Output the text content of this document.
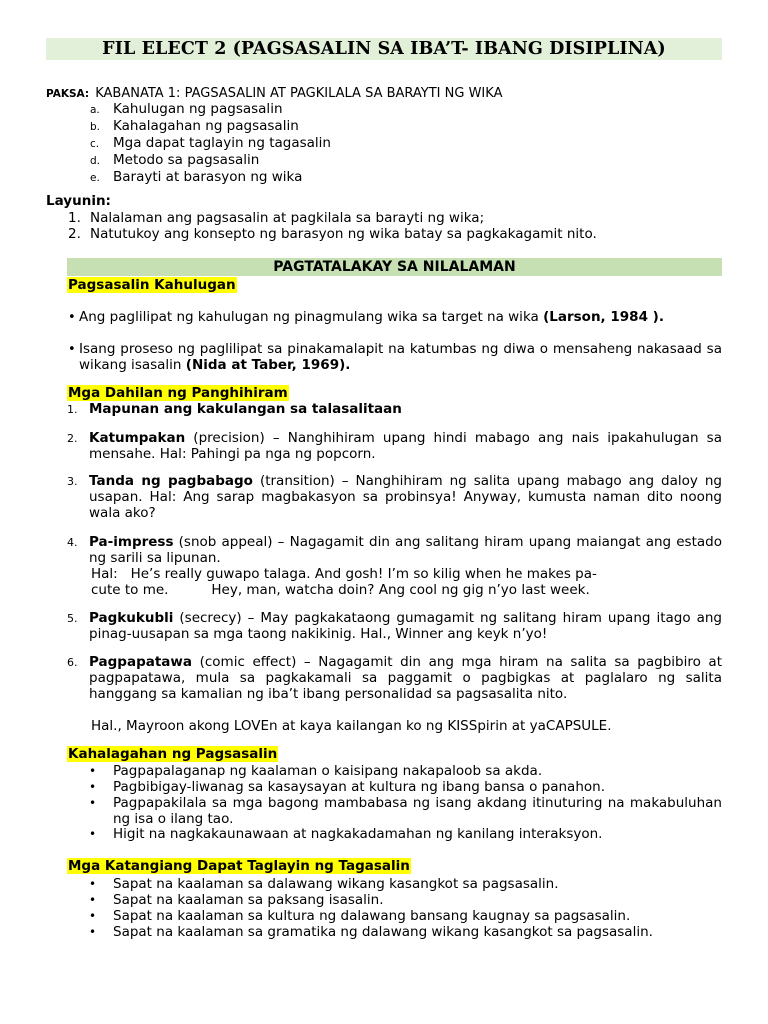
FIL ELECT 2 (PAGSASALIN SA IBA’T- IBANG DISIPLINA)
PAKSA: KABANATA 1: PAGSASALIN AT PAGKILALA SA BARAYTI NG WIKA
a. Kahulugan ng pagsasalin
b. Kahalagahan ng pagsasalin
c. Mga dapat taglayin ng tagasalin
d. Metodo sa pagsasalin
e. Barayti at barasyon ng wika
Layunin:
1. Nalalaman ang pagsasalin at pagkilala sa barayti ng wika;
2. Natutukoy ang konsepto ng barasyon ng wika batay sa pagkakagamit nito.
PAGTATALAKAY SA NILALAMAN
Pagsasalin Kahulugan
• Ang paglilipat ng kahulugan ng pinagmulang wika sa target na wika (Larson, 1984 ).
• Isang proseso ng paglilipat sa pinakamalapit na katumbas ng diwa o mensaheng nakasaad sa wikang isasalin (Nida at Taber, 1969).
Mga Dahilan ng Panghihiram
1. Mapunan ang kakulangan sa talasalitaan
2. Katumpakan (precision) – Nanghihiram upang hindi mabago ang nais ipakahulugan sa mensahe. Hal: Pahingi pa nga ng popcorn.
3. Tanda ng pagbabago (transition) – Nanghihiram ng salita upang mabago ang daloy ng usapan. Hal: Ang sarap magbakasyon sa probinsya! Anyway, kumusta naman dito noong wala ako?
4. Pa-impress (snob appeal) – Nagagamit din ang salitang hiram upang maiangat ang estado ng sarili sa lipunan.
Hal:   He’s really guwapo talaga. And gosh! I’m so kilig when he makes pa-
cute to me.          Hey, man, watcha doin? Ang cool ng gig n’yo last week.
5. Pagkukubli (secrecy) – May pagkakataong gumagamit ng salitang hiram upang itago ang pinag-uusapan sa mga taong nakikinig. Hal., Winner ang keyk n’yo!
6. Pagpapatawa (comic effect) – Nagagamit din ang mga hiram na salita sa pagbibiro at pagpapatawa, mula sa pagkakamali sa paggamit o pagbigkas at paglalaro ng salita hanggang sa kamalian ng iba’t ibang personalidad sa pagsasalita nito.
Hal., Mayroon akong LOVEn at kaya kailangan ko ng KISSpirin at yaCAPSULE.
Kahalagahan ng Pagsasalin
• Pagpapalaganap ng kaalaman o kaisipang nakapaloob sa akda.
• Pagbibigay-liwanag sa kasaysayan at kultura ng ibang bansa o panahon.
• Pagpapakilala sa mga bagong mambabasa ng isang akdang itinuturing na makabuluhan ng isa o ilang tao.
• Higit na nagkakaunawaan at nagkakadamahan ng kanilang interaksyon.
Mga Katangiang Dapat Taglayin ng Tagasalin
• Sapat na kaalaman sa dalawang wikang kasangkot sa pagsasalin.
• Sapat na kaalaman sa paksang isasalin.
• Sapat na kaalaman sa kultura ng dalawang bansang kaugnay sa pagsasalin.
• Sapat na kaalaman sa gramatika ng dalawang wikang kasangkot sa pagsasalin.
